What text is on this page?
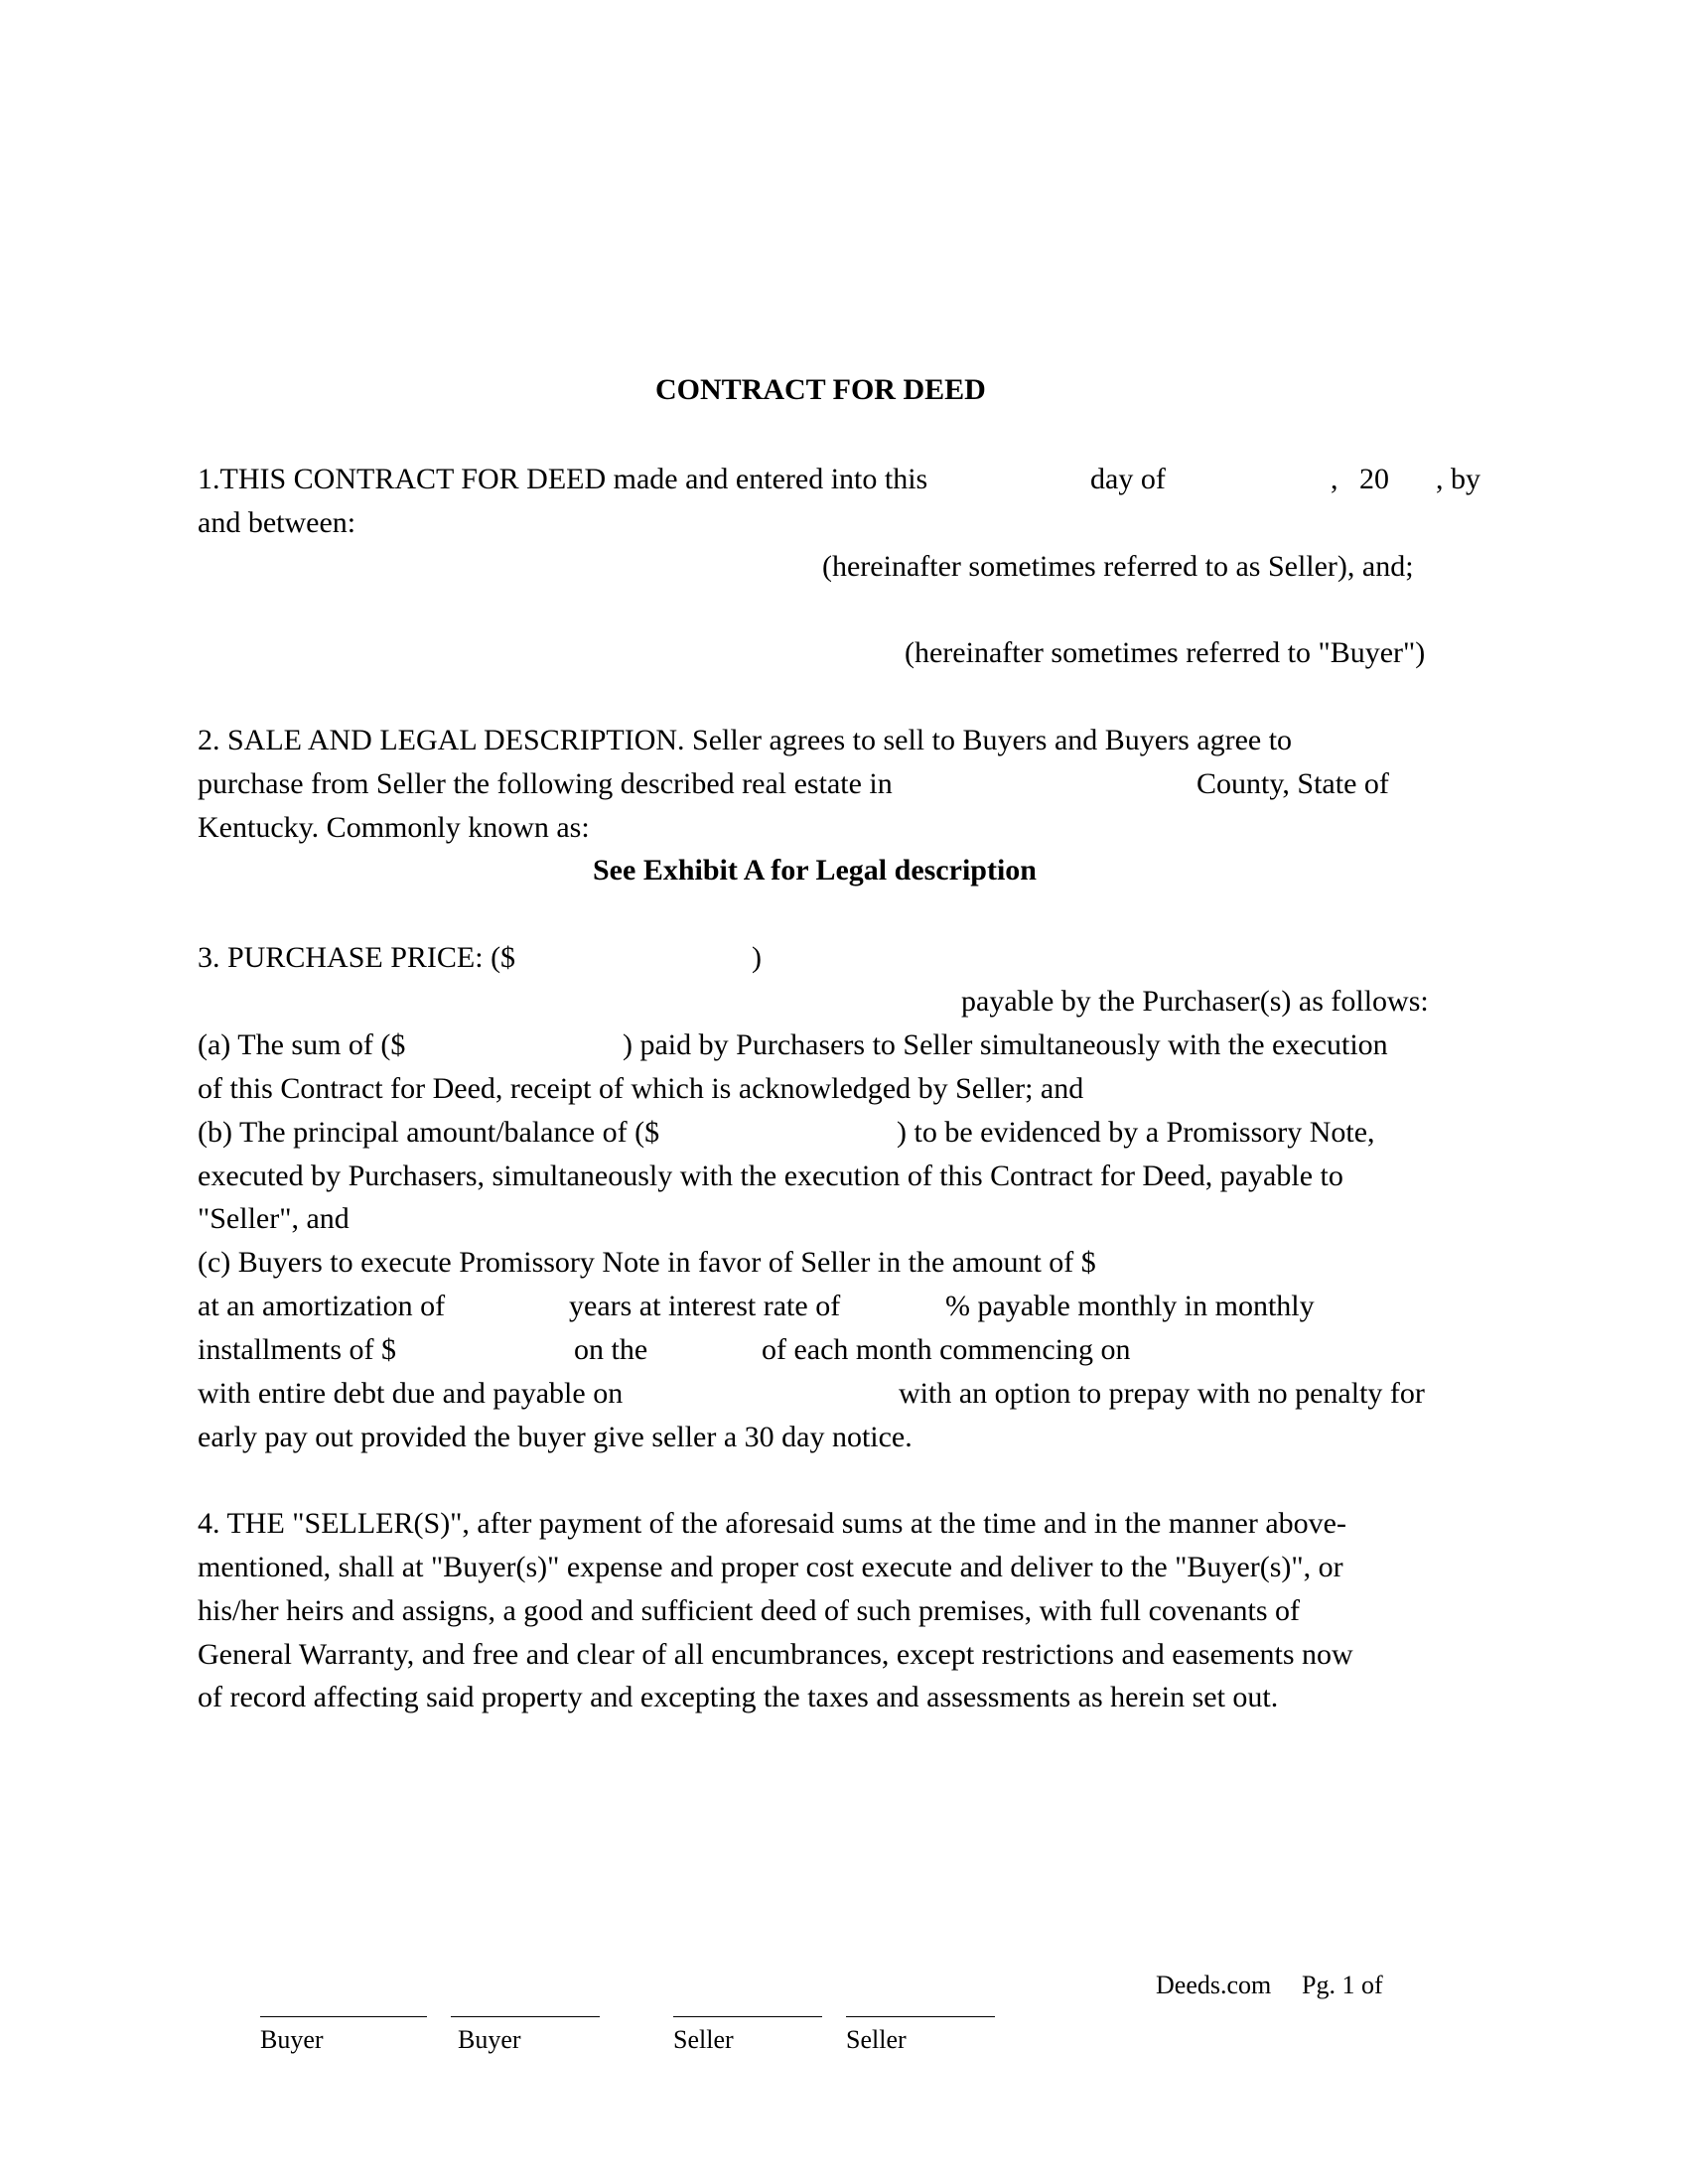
CONTRACT FOR DEED
1.THIS CONTRACT FOR DEED made and entered into this	day of	, 20 , by
and between:
(hereinafter sometimes referred to as Seller), and;
(hereinafter sometimes referred to "Buyer")
2. SALE AND LEGAL DESCRIPTION. Seller agrees to sell to Buyers and Buyers agree to
purchase from Seller the following described real estate in	County, State of
Kentucky. Commonly known as:
See Exhibit A for Legal description
3. PURCHASE PRICE: ($	)
payable by the Purchaser(s) as follows:
(a) The sum of ($	) paid by Purchasers to Seller simultaneously with the execution
of this Contract for Deed, receipt of which is acknowledged by Seller; and
(b) The principal amount/balance of ($	) to be evidenced by a Promissory Note,
executed by Purchasers, simultaneously with the execution of this Contract for Deed, payable to
"Seller", and
(c) Buyers to execute Promissory Note in favor of Seller in the amount of $
at an amortization of	years at interest rate of	% payable monthly in monthly
installments of $	on the	of each month commencing on
with entire debt due and payable on	with an option to prepay with no penalty for
early pay out provided the buyer give seller a 30 day notice.
4. THE "SELLER(S)", after payment of the aforesaid sums at the time and in the manner above-
mentioned, shall at "Buyer(s)" expense and proper cost execute and deliver to the "Buyer(s)", or
his/her heirs and assigns, a good and sufficient deed of such premises, with full covenants of
General Warranty, and free and clear of all encumbrances, except restrictions and easements now
of record affecting said property and excepting the taxes and assessments as herein set out.
Buyer	Buyer	Seller	Seller
Deeds.com Pg. 1 of
